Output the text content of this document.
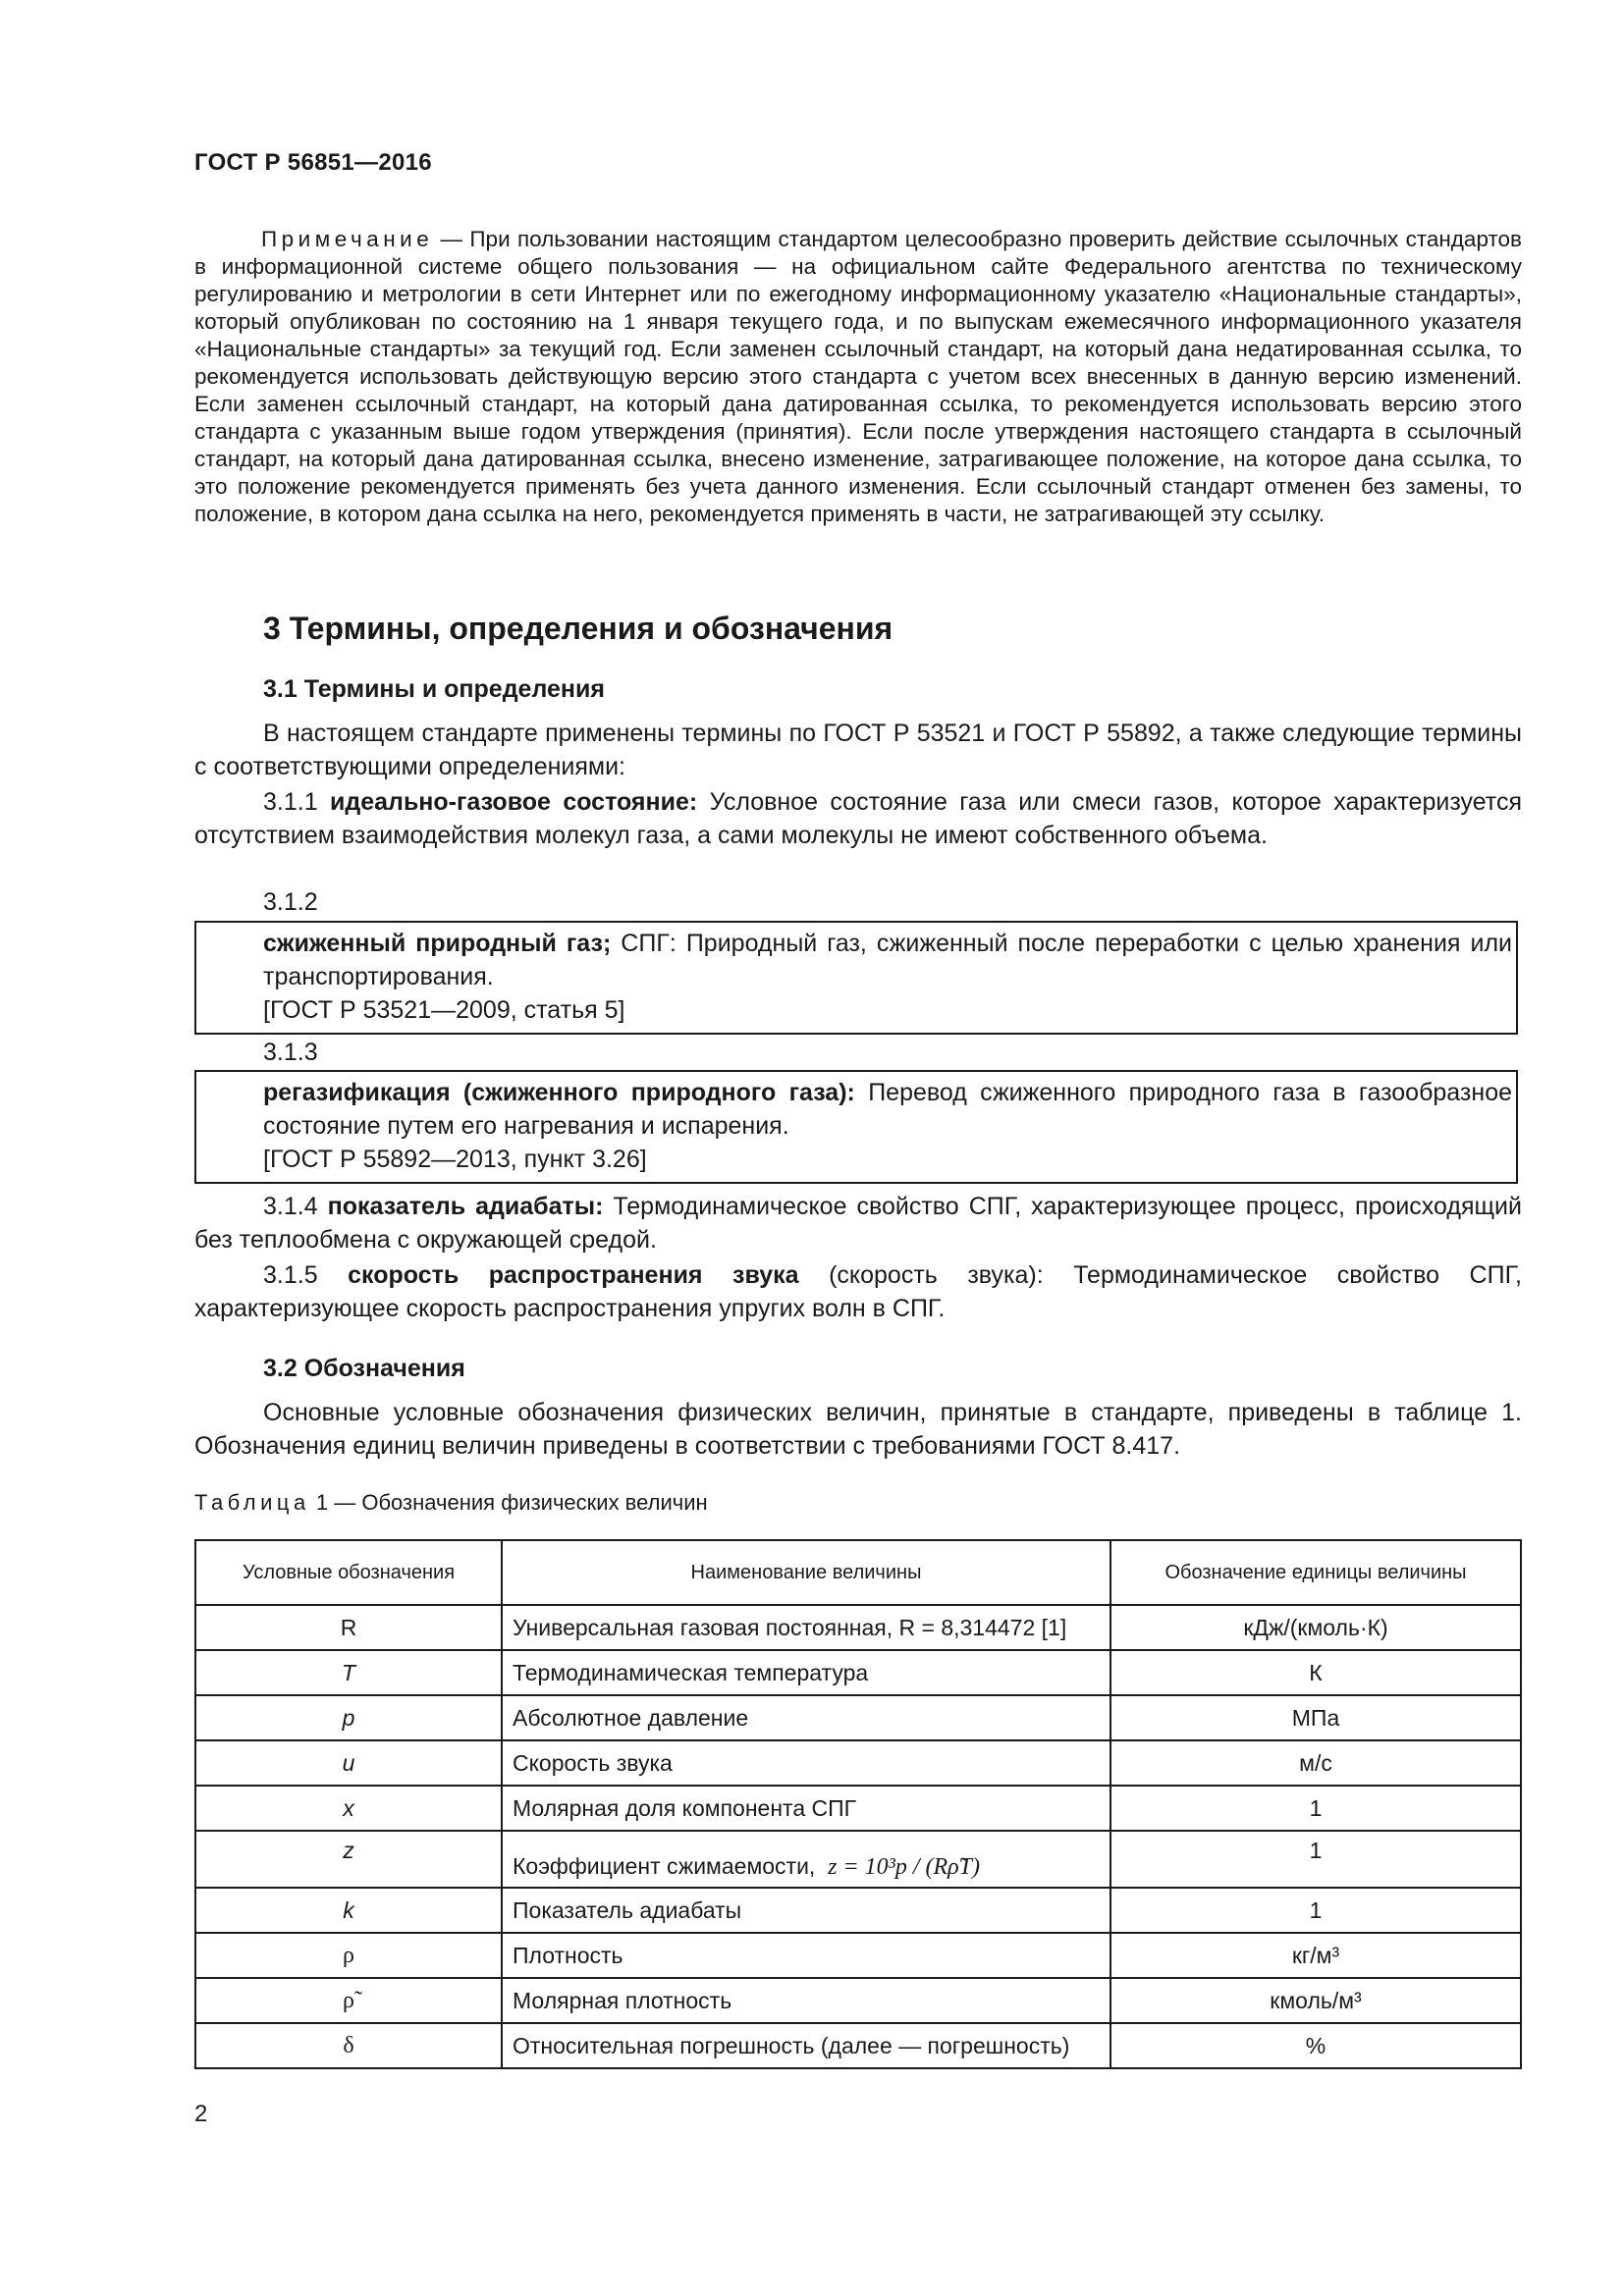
ГОСТ Р 56851—2016
Примечание — При пользовании настоящим стандартом целесообразно проверить действие ссылочных стандартов в информационной системе общего пользования — на официальном сайте Федерального агентства по техническому регулированию и метрологии в сети Интернет или по ежегодному информационному указателю «Национальные стандарты», который опубликован по состоянию на 1 января текущего года, и по выпускам ежемесячного информационного указателя «Национальные стандарты» за текущий год. Если заменен ссылочный стандарт, на который дана недатированная ссылка, то рекомендуется использовать действующую версию этого стандарта с учетом всех внесенных в данную версию изменений. Если заменен ссылочный стандарт, на который дана датированная ссылка, то рекомендуется использовать версию этого стандарта с указанным выше годом утверждения (принятия). Если после утверждения настоящего стандарта в ссылочный стандарт, на который дана датированная ссылка, внесено изменение, затрагивающее положение, на которое дана ссылка, то это положение рекомендуется применять без учета данного изменения. Если ссылочный стандарт отменен без замены, то положение, в котором дана ссылка на него, рекомендуется применять в части, не затрагивающей эту ссылку.
3 Термины, определения и обозначения
3.1 Термины и определения
В настоящем стандарте применены термины по ГОСТ Р 53521 и ГОСТ Р 55892, а также следующие термины с соответствующими определениями:
3.1.1 идеально-газовое состояние: Условное состояние газа или смеси газов, которое характеризуется отсутствием взаимодействия молекул газа, а сами молекулы не имеют собственного объема.
3.1.2

сжиженный природный газ; СПГ: Природный газ, сжиженный после переработки с целью хранения или транспортирования.

[ГОСТ Р 53521—2009, статья 5]

3.1.3

регазификация (сжиженного природного газа): Перевод сжиженного природного газа в газообразное состояние путем его нагревания и испарения.

[ГОСТ Р 55892—2013, пункт 3.26]

3.1.4 показатель адиабаты: Термодинамическое свойство СПГ, характеризующее процесс, происходящий без теплообмена с окружающей средой.
3.1.5 скорость распространения звука (скорость звука): Термодинамическое свойство СПГ, характеризующее скорость распространения упругих волн в СПГ.
3.2 Обозначения
Основные условные обозначения физических величин, принятые в стандарте, приведены в таблице 1. Обозначения единиц величин приведены в соответствии с требованиями ГОСТ 8.417.
Таблица 1 — Обозначения физических величин
Условные обозначения	Наименование величины	Обозначение единицы величины
R	Универсальная газовая постоянная, R = 8,314472 [1]	кДж/(кмоль·К)
T	Термодинамическая температура	К
p	Абсолютное давление	МПа
u	Скорость звука	м/с
x	Молярная доля компонента СПГ	1
z	Коэффициент сжимаемости, z = 10³p / (Rρ̃T)	1
k	Показатель адиабаты	1
ρ	Плотность	кг/м³
ρ̃	Молярная плотность	кмоль/м³
δ	Относительная погрешность (далее — погрешность)	%
2
